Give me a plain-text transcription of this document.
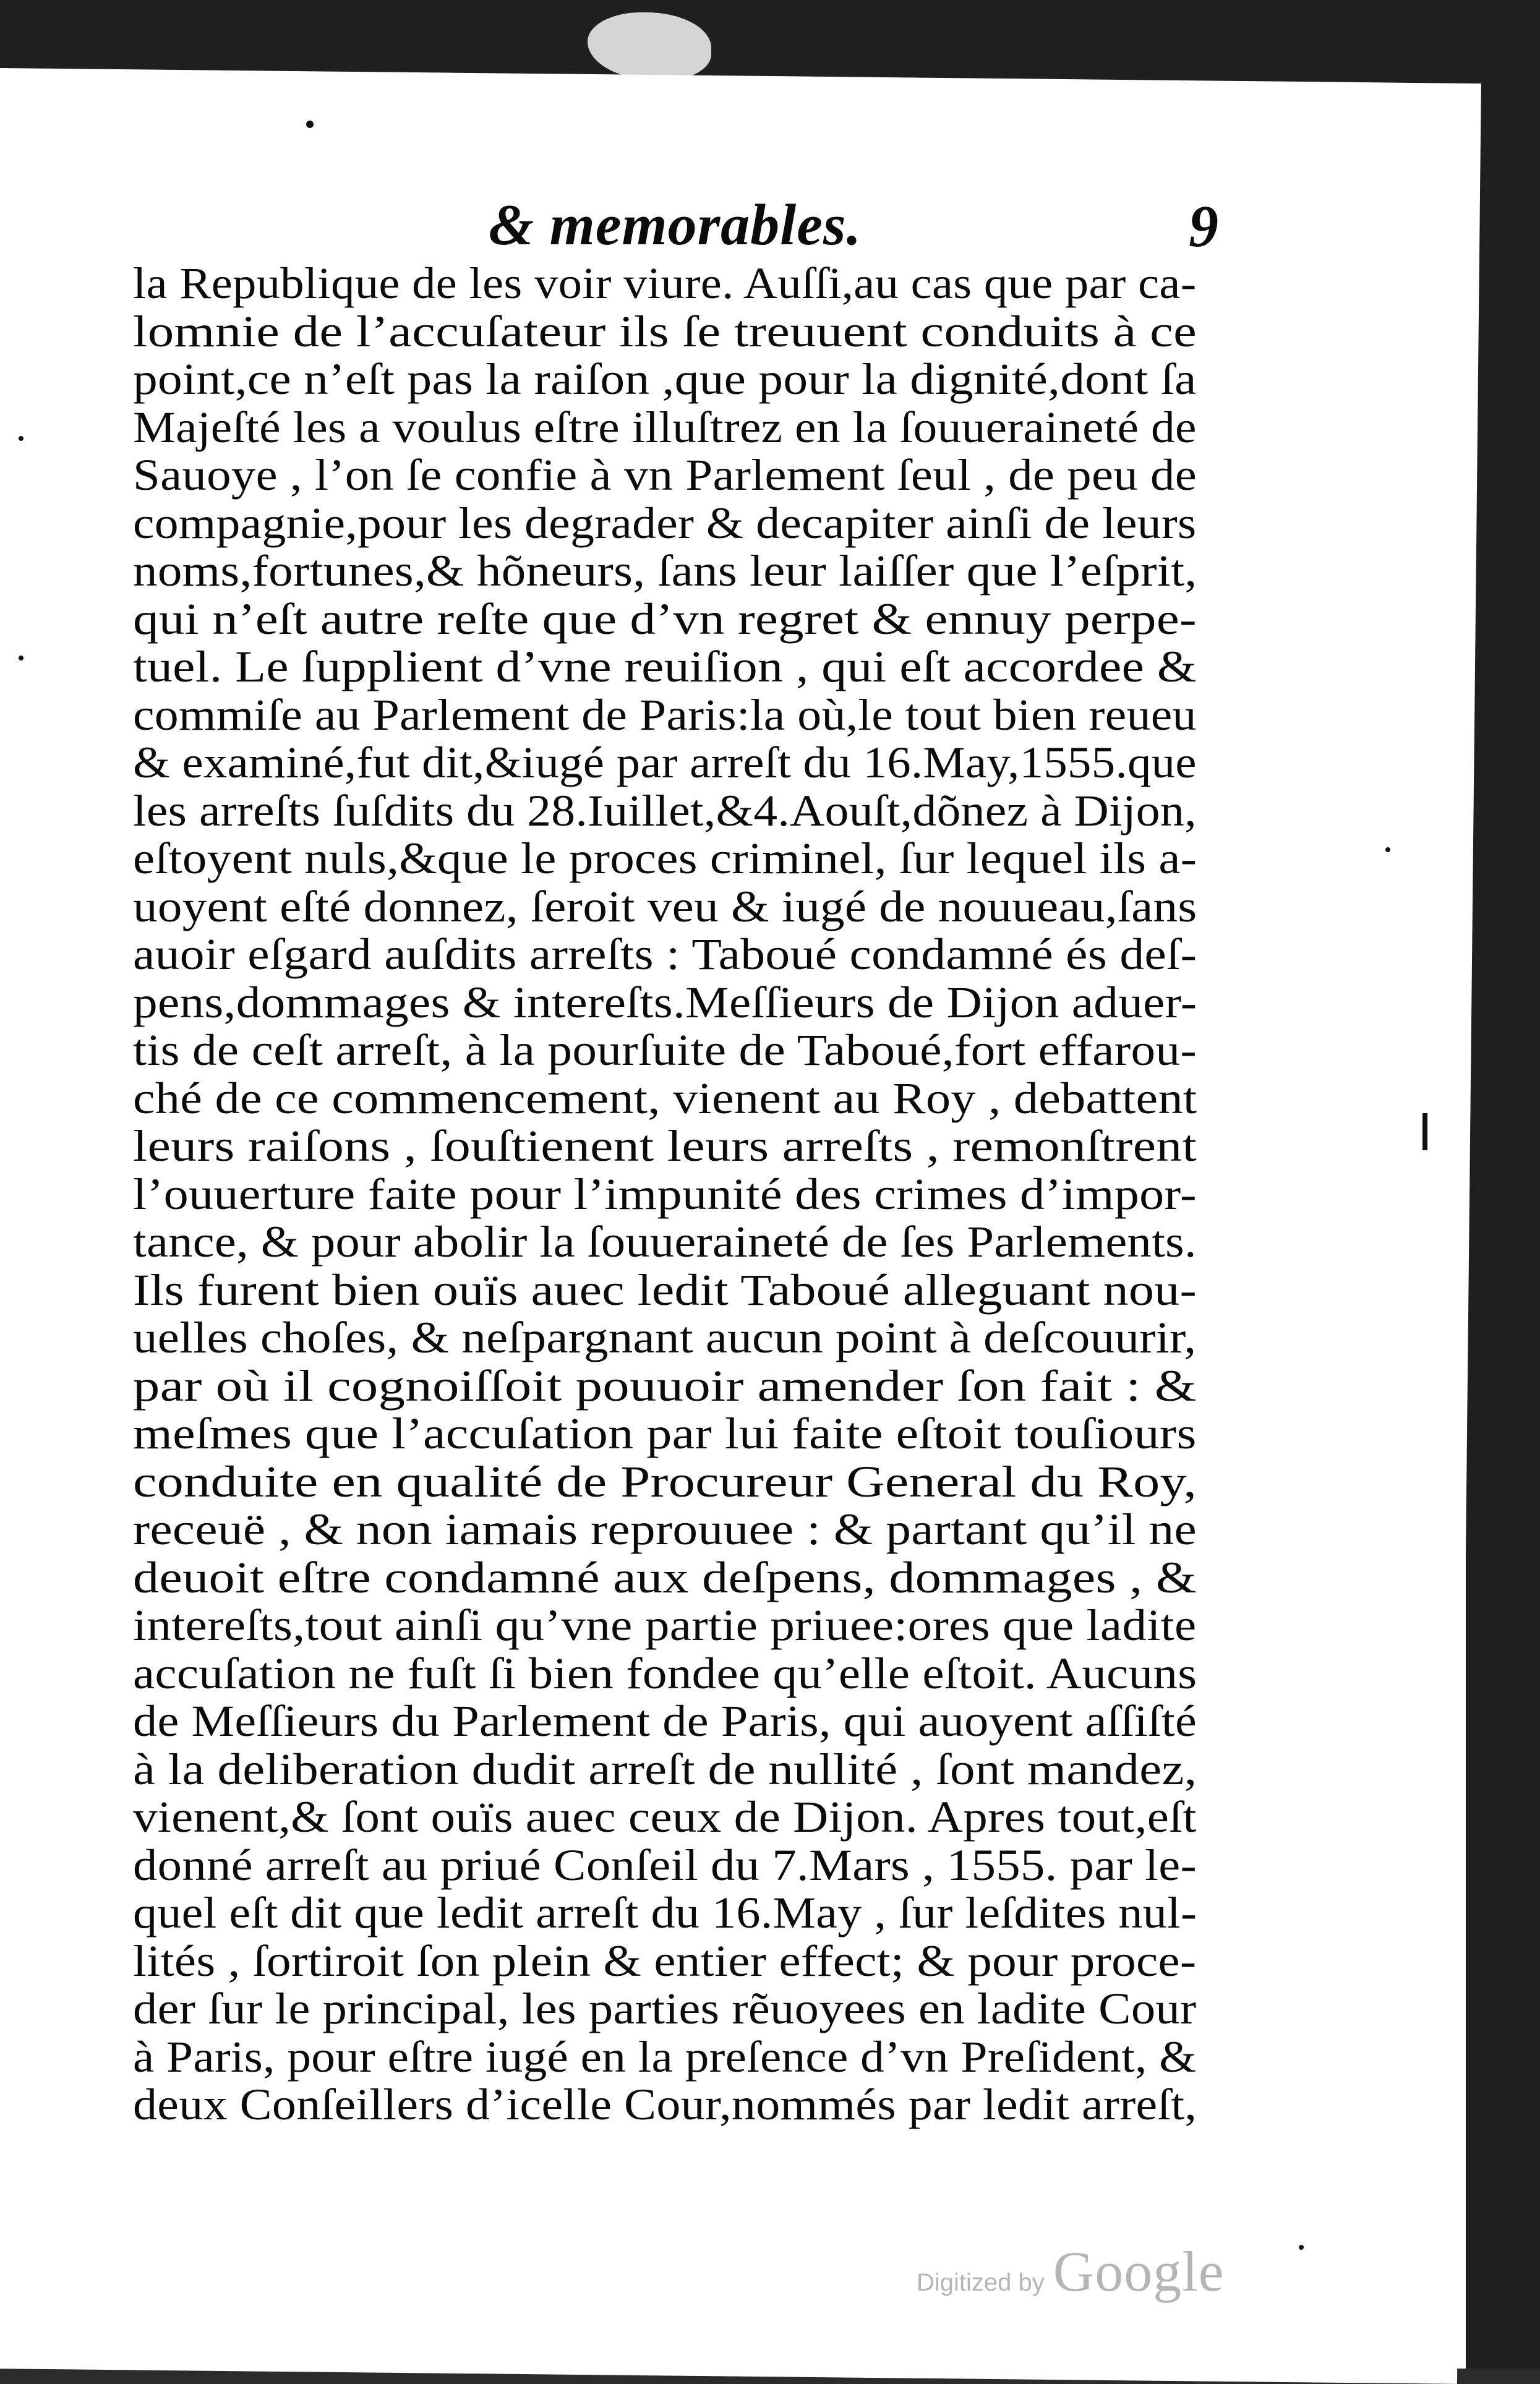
& memorables.	9
la Republique de les voir viure. Auſſi,au cas que par ca-
lomnie de l’accuſateur ils ſe treuuent conduits à ce
point,ce n’eſt pas la raiſon ,que pour la dignité,dont ſa
Majeſté les a voulus eſtre illuſtrez en la ſouueraineté de
Sauoye , l’on ſe confie à vn Parlement ſeul , de peu de
compagnie,pour les degrader & decapiter ainſi de leurs
noms,fortunes,& hõneurs, ſans leur laiſſer que l’eſprit,
qui n’eſt autre reſte que d’vn regret & ennuy perpe-
tuel. Le ſupplient d’vne reuiſion , qui eſt accordee &
commiſe au Parlement de Paris:la où,le tout bien reueu
& examiné,fut dit,&iugé par arreſt du 16.May,1555.que
les arreſts ſuſdits du 28.Iuillet,&4.Aouſt,dõnez à Dijon,
eſtoyent nuls,&que le proces criminel, ſur lequel ils a-
uoyent eſté donnez, ſeroit veu & iugé de nouueau,ſans
auoir eſgard auſdits arreſts : Taboué condamné és deſ-
pens,dommages & intereſts.Meſſieurs de Dijon aduer-
tis de ceſt arreſt, à la pourſuite de Taboué,fort effarou-
ché de ce commencement, vienent au Roy , debattent
leurs raiſons , ſouſtienent leurs arreſts , remonſtrent
l’ouuerture faite pour l’impunité des crimes d’impor-
tance, & pour abolir la ſouueraineté de ſes Parlements.
Ils furent bien ouïs auec ledit Taboué alleguant nou-
uelles choſes, & neſpargnant aucun point à deſcouurir,
par où il cognoiſſoit pouuoir amender ſon fait : &
meſmes que l’accuſation par lui faite eſtoit touſiours
conduite en qualité de Procureur General du Roy,
receuë , & non iamais reprouuee : & partant qu’il ne
deuoit eſtre condamné aux deſpens, dommages , &
intereſts,tout ainſi qu’vne partie priuee:ores que ladite
accuſation ne fuſt ſi bien fondee qu’elle eſtoit. Aucuns
de Meſſieurs du Parlement de Paris, qui auoyent aſſiſté
à la deliberation dudit arreſt de nullité , ſont mandez,
vienent,& ſont ouïs auec ceux de Dijon. Apres tout,eſt
donné arreſt au priué Conſeil du 7.Mars , 1555. par le-
quel eſt dit que ledit arreſt du 16.May , ſur leſdites nul-
lités , ſortiroit ſon plein & entier effect; & pour proce-
der ſur le principal, les parties rẽuoyees en ladite Cour
à Paris, pour eſtre iugé en la preſence d’vn Preſident, &
deux Conſeillers d’icelle Cour,nommés par ledit arreſt,
Digitized by Google
